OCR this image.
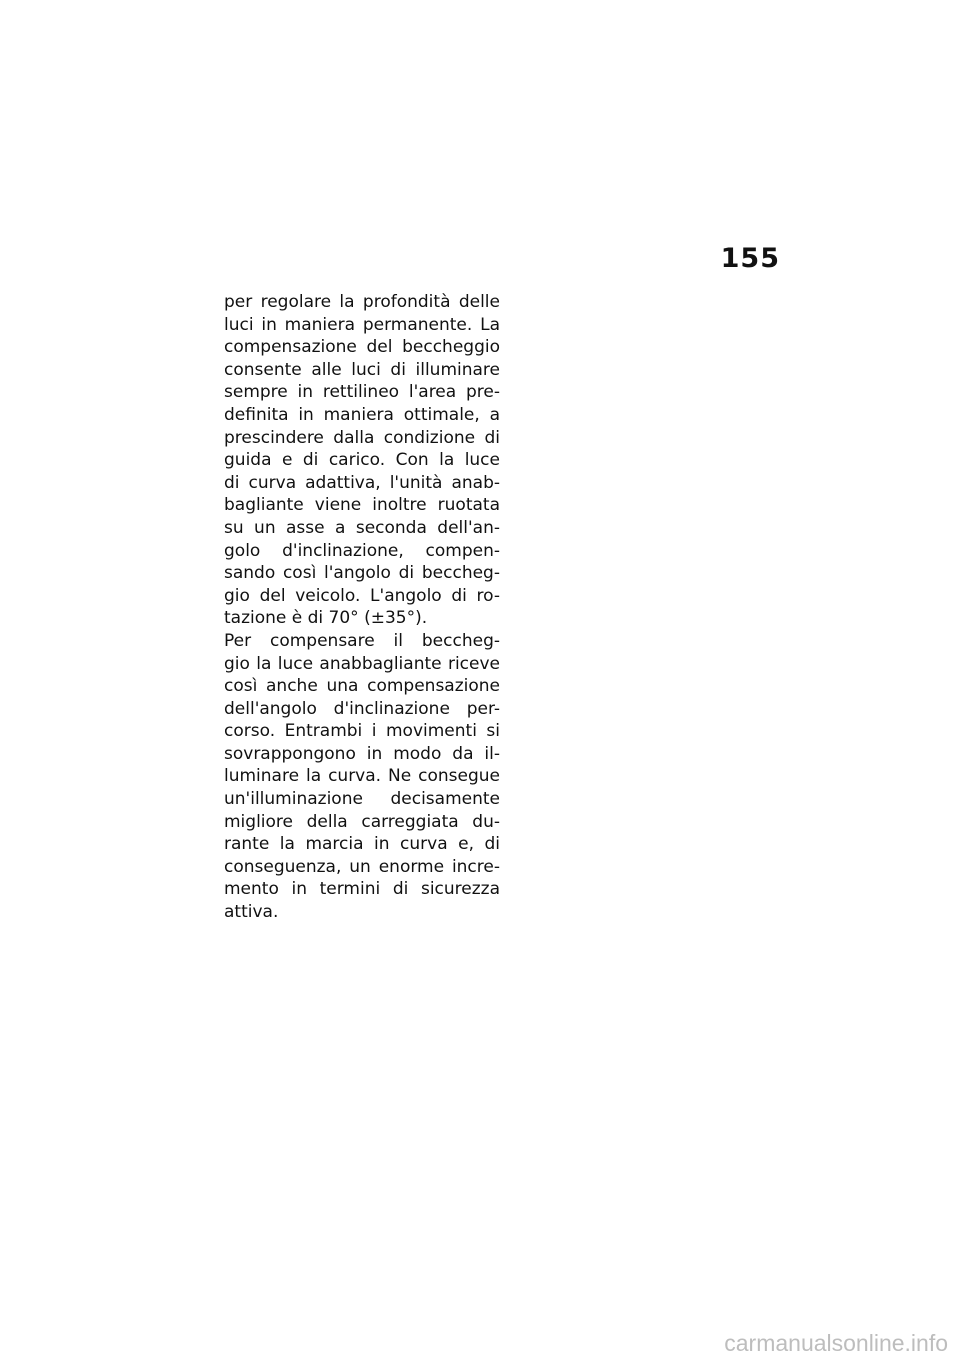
155
per regolare la profondità delle
luci in maniera permanente. La
compensazione del beccheggio
consente alle luci di illuminare
sempre in rettilineo l'area pre-
definita in maniera ottimale, a
prescindere dalla condizione di
guida e di carico. Con la luce
di curva adattiva, l'unità anab-
bagliante viene inoltre ruotata
su un asse a seconda dell'an-
golo d'inclinazione, compen-
sando così l'angolo di beccheg-
gio del veicolo. L'angolo di ro-
tazione è di 70° (±35°).
Per compensare il beccheg-
gio la luce anabbagliante riceve
così anche una compensazione
dell'angolo d'inclinazione per-
corso. Entrambi i movimenti si
sovrappongono in modo da il-
luminare la curva. Ne consegue
un'illuminazione decisamente
migliore della carreggiata du-
rante la marcia in curva e, di
conseguenza, un enorme incre-
mento in termini di sicurezza
attiva.
carmanualsonline.info
